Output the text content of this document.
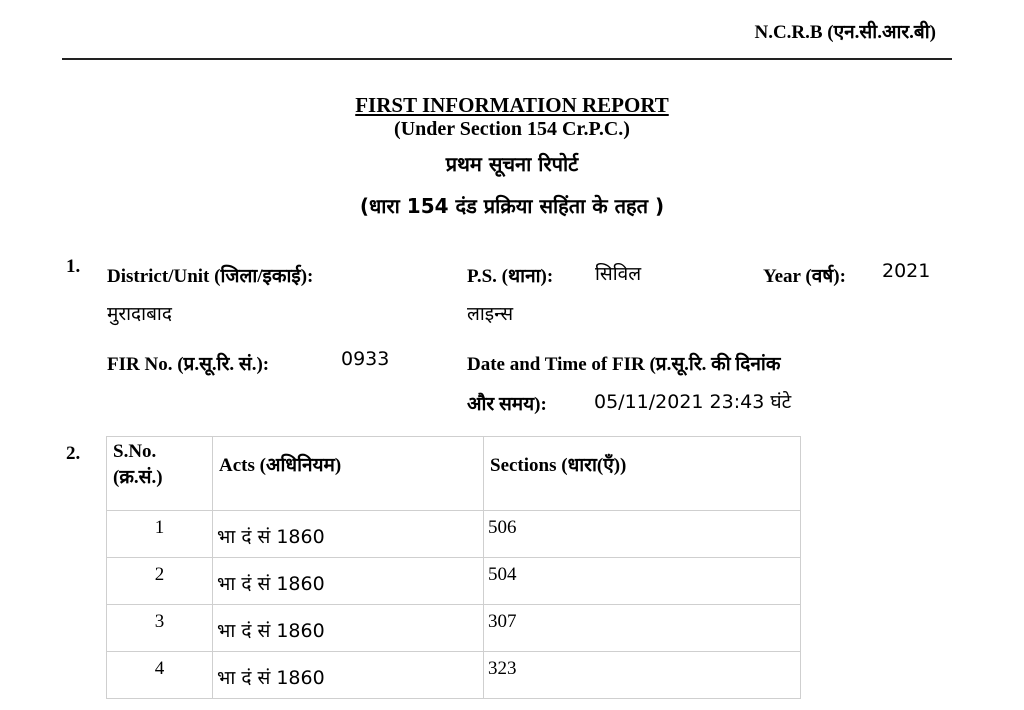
N.C.R.B (एन.सी.आर.बी)
FIRST INFORMATION REPORT
(Under Section 154 Cr.P.C.)
प्रथम सूचना रिपोर्ट
(धारा 154 दंड प्रक्रिया सहिंता के तहत )
1. District/Unit (जिला/इकाई):
मुरादाबाद
P.S. (थाना): सिविल
लाइन्स
Year (वर्ष): 2021
FIR No. (प्र.सू.रि. सं.):	0933	Date and Time of FIR (प्र.सू.रि. की दिनांक
और समय): 05/11/2021 23:43 घंटे
2. S.No.
(क्र.सं.)	Acts (अधिनियम)	Sections (धारा(एँ))
1	भा दं सं 1860	506
2	भा दं सं 1860	504
3	भा दं सं 1860	307
4	भा दं सं 1860	323
